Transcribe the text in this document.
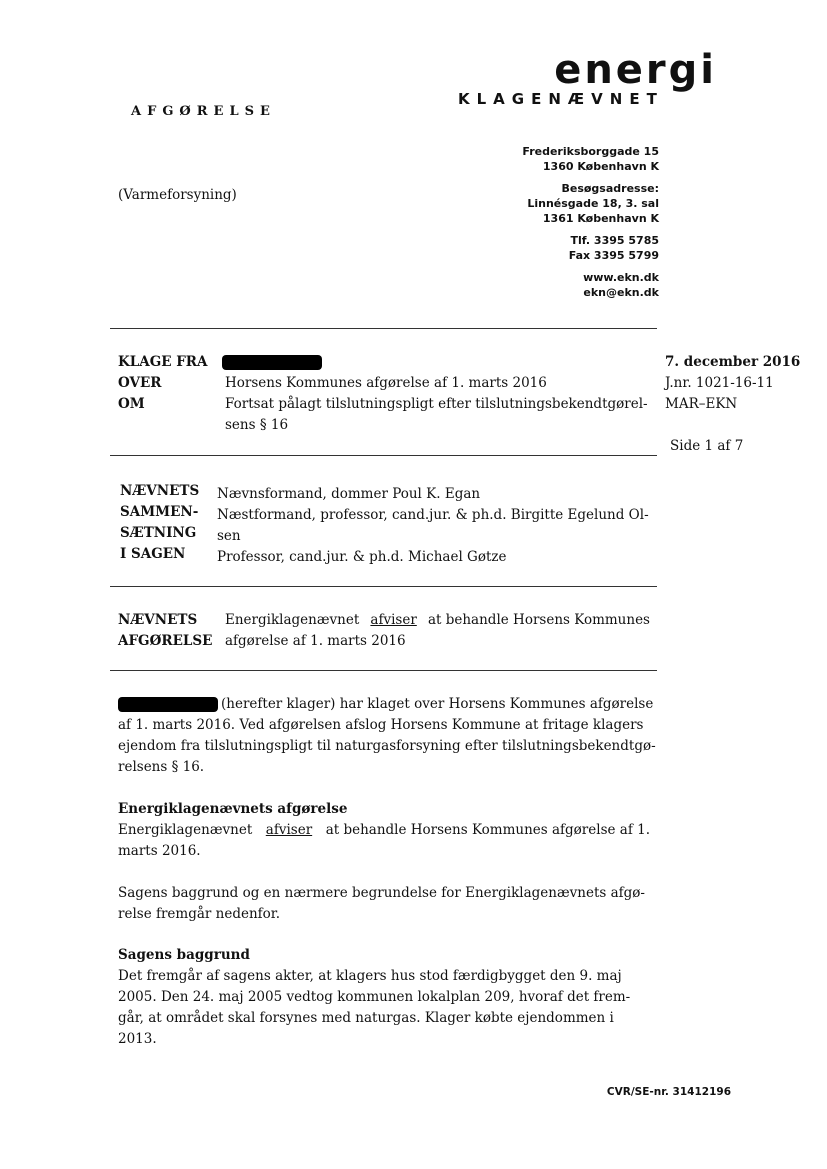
energi
KLAGENÆVNET
AFGØRELSE
Frederiksborggade 15
1360 København K
Besøgsadresse:
Linnésgade 18, 3. sal
1361 København K
Tlf. 3395 5785
Fax 3395 5799
www.ekn.dk
ekn@ekn.dk
(Varmeforsyning)
KLAGE FRA
OVER	Horsens Kommunes afgørelse af 1. marts 2016
OM	Fortsat pålagt tilslutningspligt efter tilslutningsbekendtgørel-
sens § 16
7. december 2016
J.nr. 1021-16-11
MAR–EKN
Side 1 af 7
NÆVNETS
SAMMEN-
SÆTNING
I SAGEN
Nævnsformand, dommer Poul K. Egan
Næstformand, professor, cand.jur. & ph.d. Birgitte Egelund Ol-
sen
Professor, cand.jur. & ph.d. Michael Gøtze
NÆVNETS
AFGØRELSE
Energiklagenævnet afviser at behandle Horsens Kommunes
afgørelse af 1. marts 2016
(herefter klager) har klaget over Horsens Kommunes afgørelse
af 1. marts 2016. Ved afgørelsen afslog Horsens Kommune at fritage klagers
ejendom fra tilslutningspligt til naturgasforsyning efter tilslutningsbekendtgø-
relsens § 16.
Energiklagenævnets afgørelse
Energiklagenævnet afviser at behandle Horsens Kommunes afgørelse af 1.
marts 2016.
Sagens baggrund og en nærmere begrundelse for Energiklagenævnets afgø-
relse fremgår nedenfor.
Sagens baggrund
Det fremgår af sagens akter, at klagers hus stod færdigbygget den 9. maj
2005. Den 24. maj 2005 vedtog kommunen lokalplan 209, hvoraf det frem-
går, at området skal forsynes med naturgas. Klager købte ejendommen i
2013.
CVR/SE-nr. 31412196
